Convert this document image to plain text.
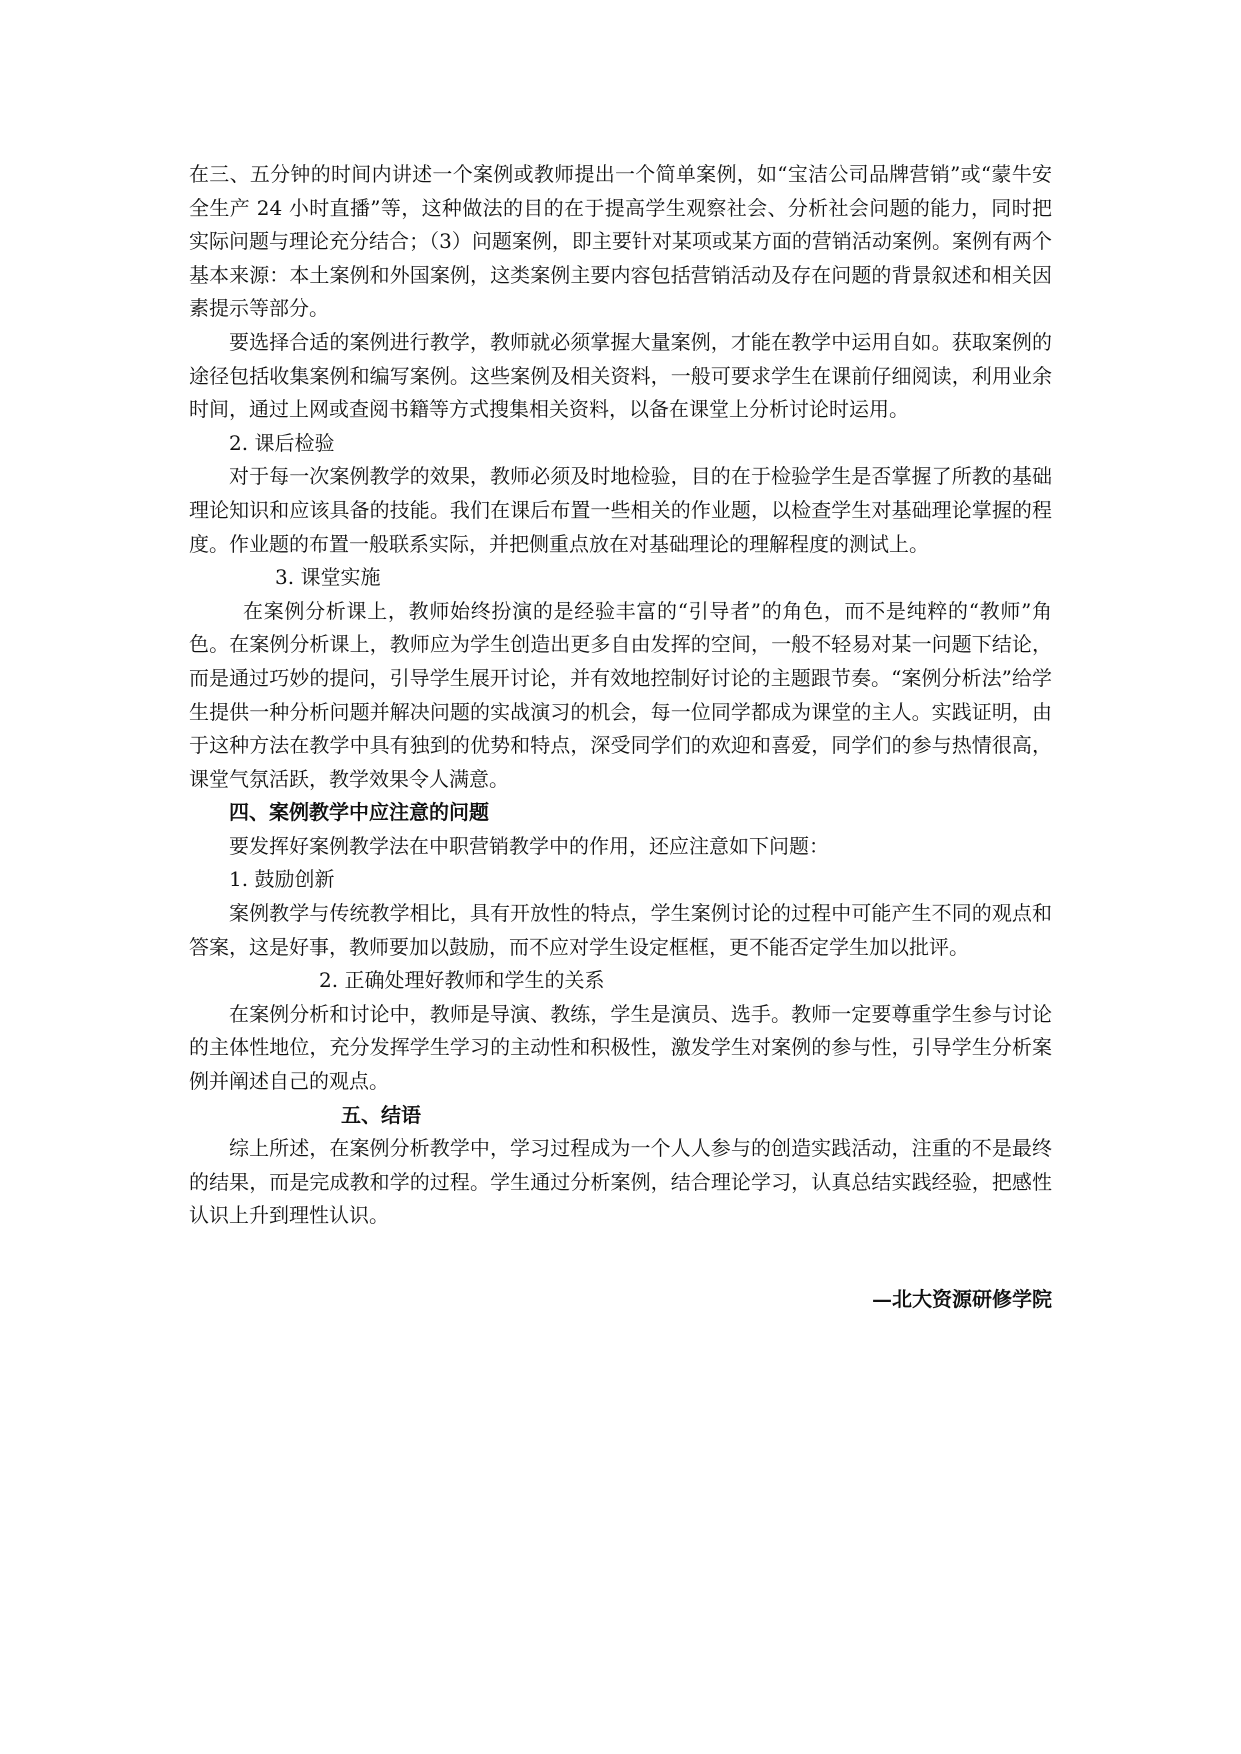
在三、五分钟的时间内讲述一个案例或教师提出一个简单案例，如“宝洁公司品牌营销”或“蒙牛安全生产 24 小时直播”等，这种做法的目的在于提高学生观察社会、分析社会问题的能力，同时把实际问题与理论充分结合；（3）问题案例，即主要针对某项或某方面的营销活动案例。案例有两个基本来源：本土案例和外国案例，这类案例主要内容包括营销活动及存在问题的背景叙述和相关因素提示等部分。

要选择合适的案例进行教学，教师就必须掌握大量案例，才能在教学中运用自如。获取案例的途径包括收集案例和编写案例。这些案例及相关资料，一般可要求学生在课前仔细阅读，利用业余时间，通过上网或查阅书籍等方式搜集相关资料，以备在课堂上分析讨论时运用。

2. 课后检验

对于每一次案例教学的效果，教师必须及时地检验，目的在于检验学生是否掌握了所教的基础理论知识和应该具备的技能。我们在课后布置一些相关的作业题，以检查学生对基础理论掌握的程度。作业题的布置一般联系实际，并把侧重点放在对基础理论的理解程度的测试上。

3. 课堂实施

在案例分析课上，教师始终扮演的是经验丰富的“引导者”的角色，而不是纯粹的“教师”角色。在案例分析课上，教师应为学生创造出更多自由发挥的空间，一般不轻易对某一问题下结论，而是通过巧妙的提问，引导学生展开讨论，并有效地控制好讨论的主题跟节奏。“案例分析法”给学生提供一种分析问题并解决问题的实战演习的机会，每一位同学都成为课堂的主人。实践证明，由于这种方法在教学中具有独到的优势和特点，深受同学们的欢迎和喜爱，同学们的参与热情很高，课堂气氛活跃，教学效果令人满意。

四、案例教学中应注意的问题

要发挥好案例教学法在中职营销教学中的作用，还应注意如下问题：

1. 鼓励创新

案例教学与传统教学相比，具有开放性的特点，学生案例讨论的过程中可能产生不同的观点和答案，这是好事，教师要加以鼓励，而不应对学生设定框框，更不能否定学生加以批评。

2. 正确处理好教师和学生的关系

在案例分析和讨论中，教师是导演、教练，学生是演员、选手。教师一定要尊重学生参与讨论的主体性地位，充分发挥学生学习的主动性和积极性，激发学生对案例的参与性，引导学生分析案例并阐述自己的观点。

五、结语

综上所述，在案例分析教学中，学习过程成为一个人人参与的创造实践活动，注重的不是最终的结果，而是完成教和学的过程。学生通过分析案例，结合理论学习，认真总结实践经验，把感性认识上升到理性认识。

—北大资源研修学院
